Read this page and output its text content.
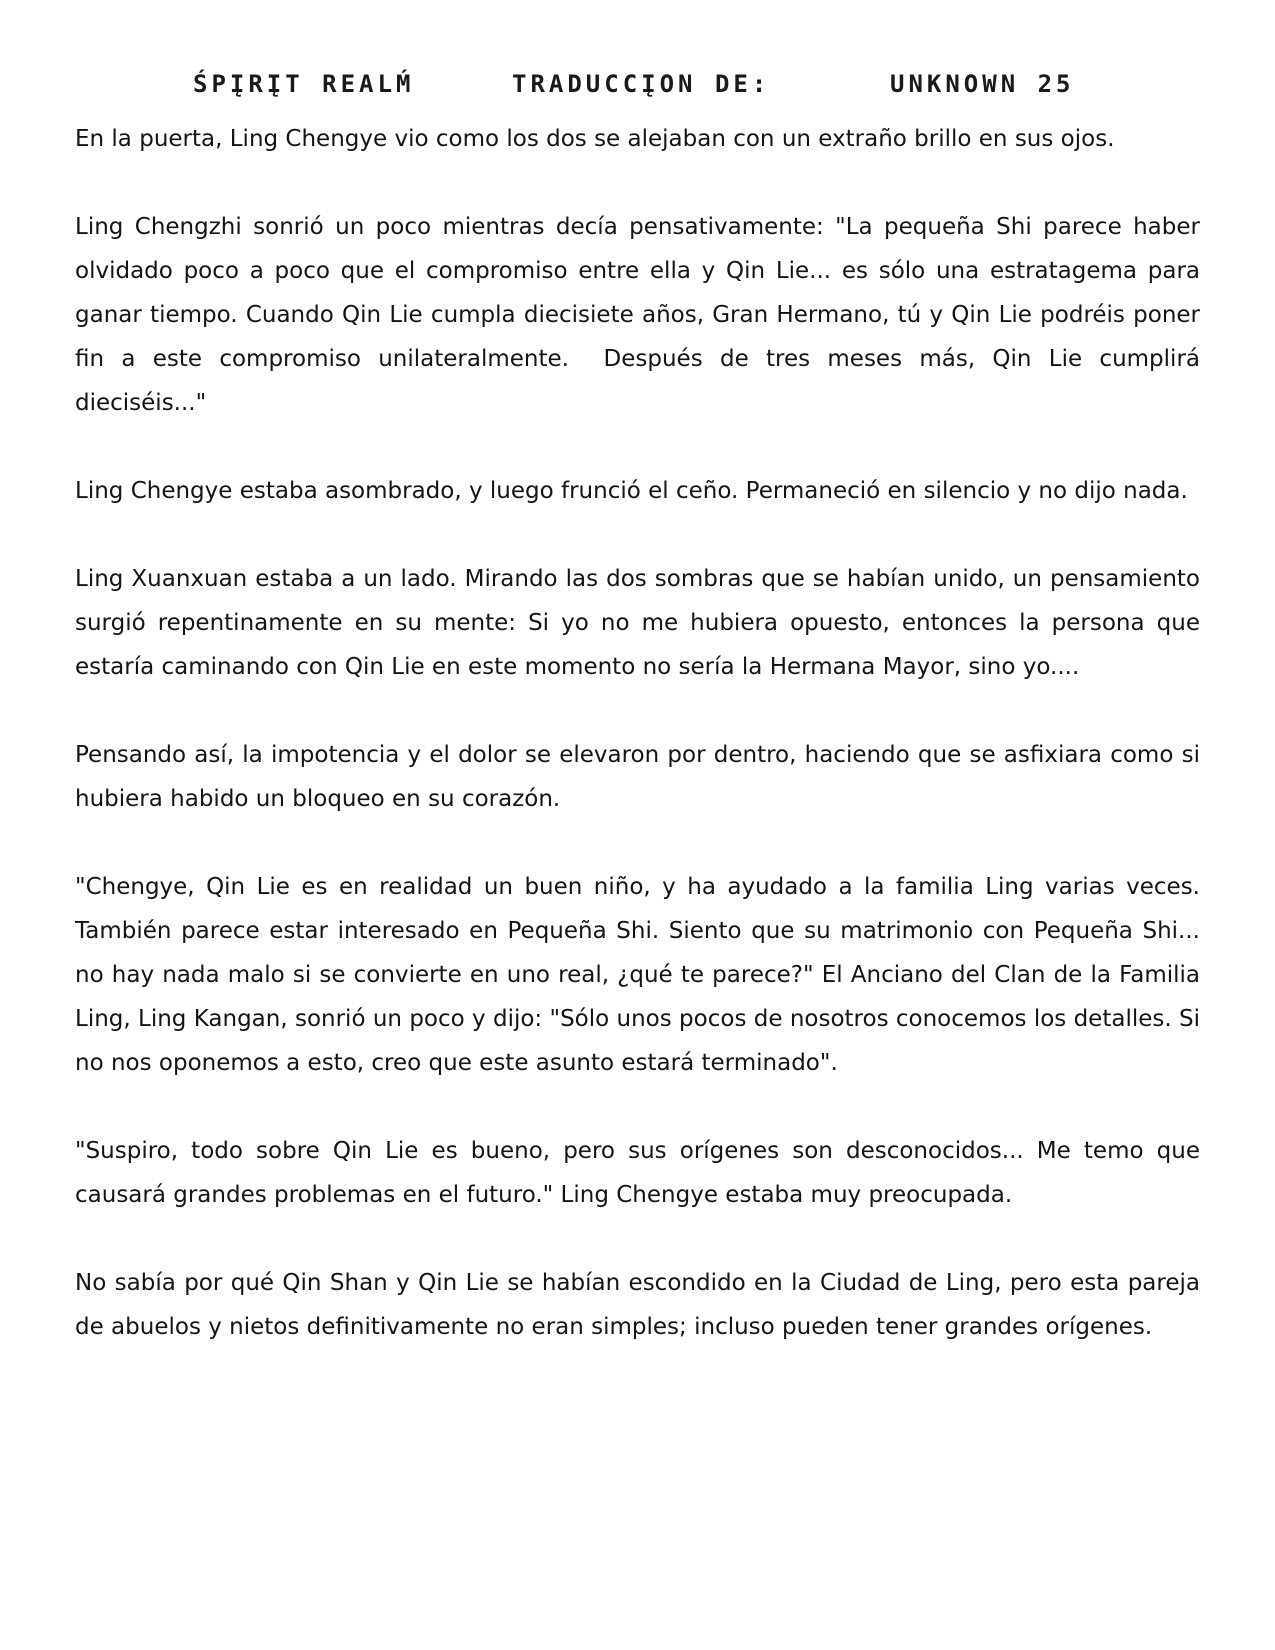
ŚPĮRĮT REALḾ	TRADUCCĮON DE:	UNKNOWN 25

En la puerta, Ling Chengye vio como los dos se alejaban con un extraño brillo en sus ojos.

Ling Chengzhi sonrió un poco mientras decía pensativamente: "La pequeña Shi parece haber olvidado poco a poco que el compromiso entre ella y Qin Lie... es sólo una estratagema para ganar tiempo. Cuando Qin Lie cumpla diecisiete años, Gran Hermano, tú y Qin Lie podréis poner fin a este compromiso unilateralmente.  Después de tres meses más, Qin Lie cumplirá dieciséis..."

Ling Chengye estaba asombrado, y luego frunció el ceño. Permaneció en silencio y no dijo nada.

Ling Xuanxuan estaba a un lado. Mirando las dos sombras que se habían unido, un pensamiento surgió repentinamente en su mente: Si yo no me hubiera opuesto, entonces la persona que estaría caminando con Qin Lie en este momento no sería la Hermana Mayor, sino yo....

Pensando así, la impotencia y el dolor se elevaron por dentro, haciendo que se asfixiara como si hubiera habido un bloqueo en su corazón.

"Chengye, Qin Lie es en realidad un buen niño, y ha ayudado a la familia Ling varias veces. También parece estar interesado en Pequeña Shi. Siento que su matrimonio con Pequeña Shi... no hay nada malo si se convierte en uno real, ¿qué te parece?" El Anciano del Clan de la Familia Ling, Ling Kangan, sonrió un poco y dijo: "Sólo unos pocos de nosotros conocemos los detalles. Si no nos oponemos a esto, creo que este asunto estará terminado".

"Suspiro, todo sobre Qin Lie es bueno, pero sus orígenes son desconocidos... Me temo que causará grandes problemas en el futuro." Ling Chengye estaba muy preocupada.

No sabía por qué Qin Shan y Qin Lie se habían escondido en la Ciudad de Ling, pero esta pareja de abuelos y nietos definitivamente no eran simples; incluso pueden tener grandes orígenes.
